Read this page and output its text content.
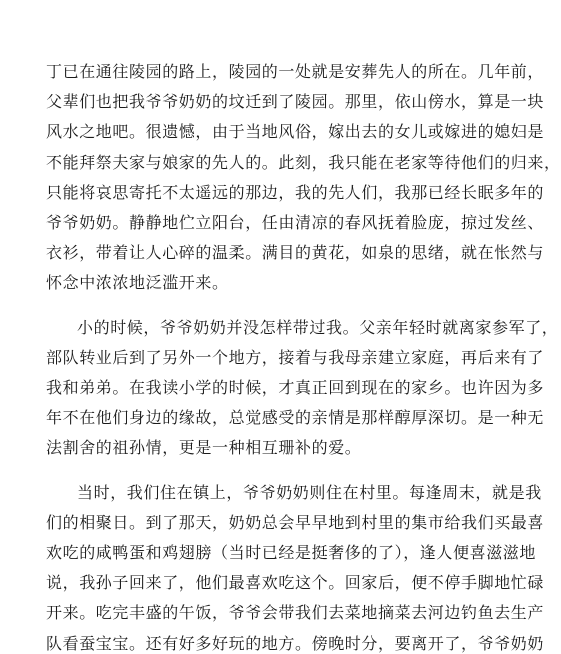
丁已在通往陵园的路上，陵园的一处就是安葬先人的所在。几年前，
父辈们也把我爷爷奶奶的坟迁到了陵园。那里，依山傍水，算是一块
风水之地吧。很遗憾，由于当地风俗，嫁出去的女儿或嫁进的媳妇是
不能拜祭夫家与娘家的先人的。此刻，我只能在老家等待他们的归来，
只能将哀思寄托不太遥远的那边，我的先人们，我那已经长眠多年的
爷爷奶奶。静静地伫立阳台，任由清凉的春风抚着脸庞，掠过发丝、
衣衫，带着让人心碎的温柔。满目的黄花，如泉的思绪，就在怅然与
怀念中浓浓地泛滥开来。
小的时候，爷爷奶奶并没怎样带过我。父亲年轻时就离家参军了，
部队转业后到了另外一个地方，接着与我母亲建立家庭，再后来有了
我和弟弟。在我读小学的时候，才真正回到现在的家乡。也许因为多
年不在他们身边的缘故，总觉感受的亲情是那样醇厚深切。是一种无
法割舍的祖孙情，更是一种相互珊补的爱。
当时，我们住在镇上，爷爷奶奶则住在村里。每逢周末，就是我
们的相聚日。到了那天，奶奶总会早早地到村里的集市给我们买最喜
欢吃的咸鸭蛋和鸡翅膀（当时已经是挺奢侈的了），逢人便喜滋滋地
说，我孙子回来了，他们最喜欢吃这个。回家后，便不停手脚地忙碌
开来。吃完丰盛的午饭，爷爷会带我们去菜地摘菜去河边钓鱼去生产
队看蚕宝宝。还有好多好玩的地方。傍晚时分，要离开了，爷爷奶奶
